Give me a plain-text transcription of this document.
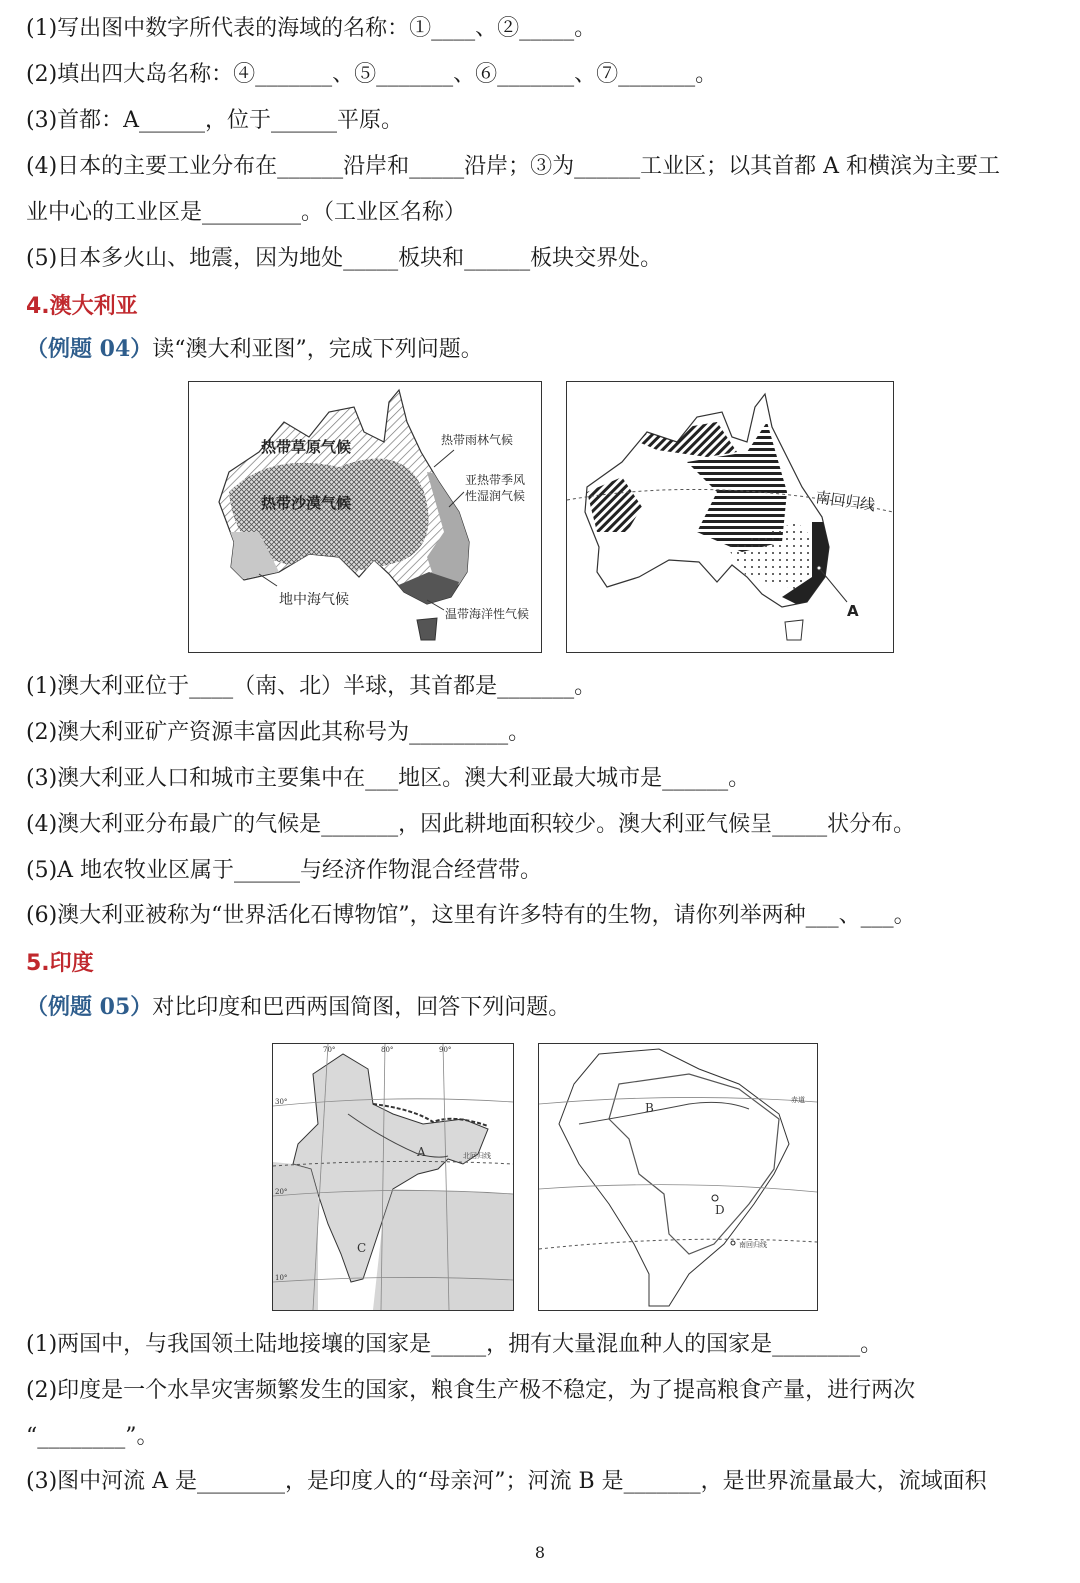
(1)写出图中数字所代表的海域的名称：①____、②_____。
(2)填出四大岛名称：④_______、⑤_______、⑥_______、⑦_______。
(3)首都：A______，位于______平原。
(4)日本的主要工业分布在______沿岸和_____沿岸；③为______工业区；以其首都 A 和横滨为主要工
业中心的工业区是_________。（工业区名称）
(5)日本多火山、地震，因为地处_____板块和______板块交界处。
4.澳大利亚
（例题 04）读“澳大利亚图”，完成下列问题。
热带草原气候
热带沙漠气候
热带雨林气候
亚热带季风
性湿润气候
地中海气候
温带海洋性气候
南回归线
A
(1)澳大利亚位于____（南、北）半球，其首都是_______。
(2)澳大利亚矿产资源丰富因此其称号为_________。
(3)澳大利亚人口和城市主要集中在___地区。澳大利亚最大城市是______。
(4)澳大利亚分布最广的气候是_______，因此耕地面积较少。澳大利亚气候呈_____状分布。
(5)A 地农牧业区属于______与经济作物混合经营带。
(6)澳大利亚被称为“世界活化石博物馆”，这里有许多特有的生物，请你列举两种___、___。
5.印度
（例题 05）对比印度和巴西两国简图，回答下列问题。
70°	80°	90°
30°
20°
10°
北回归线
A
C
赤道
南回归线
B
D
(1)两国中，与我国领土陆地接壤的国家是_____，拥有大量混血种人的国家是________。
(2)印度是一个水旱灾害频繁发生的国家，粮食生产极不稳定，为了提高粮食产量，进行两次
“________”。
(3)图中河流 A 是________，是印度人的“母亲河”；河流 B 是_______，是世界流量最大，流域面积
8
